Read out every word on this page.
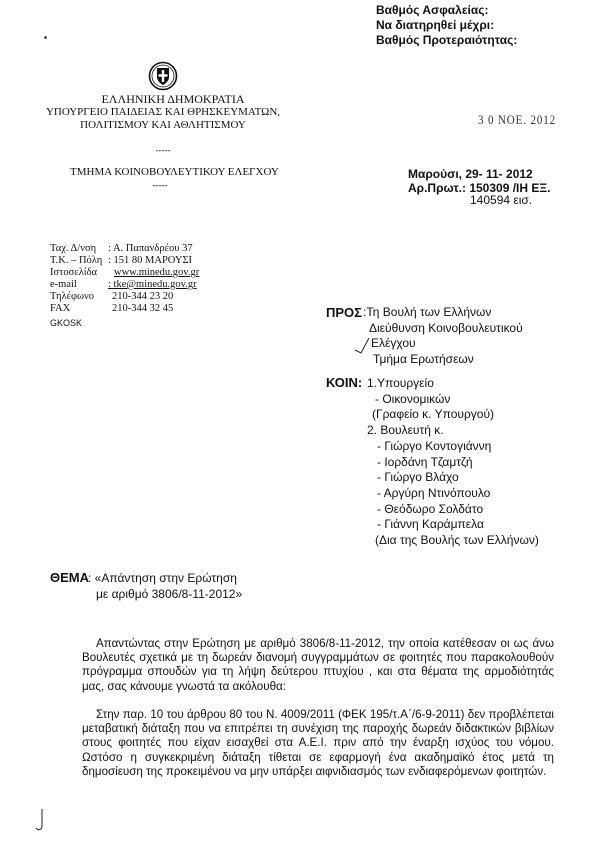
Βαθμός Ασφαλείας:
Να διατηρηθεί μέχρι:
Βαθμός Προτεραιότητας:
3 0 ΝΟΕ. 2012
ΕΛΛΗΝΙΚΗ ΔΗΜΟΚΡΑΤΙΑ
ΥΠΟΥΡΓΕΙΟ ΠΑΙΔΕΙΑΣ ΚΑΙ ΘΡΗΣΚΕΥΜΑΤΩΝ,
ΠΟΛΙΤΙΣΜΟΥ ΚΑΙ ΑΘΛΗΤΙΣΜΟΥ
-----
ΤΜΗΜΑ ΚΟΙΝΟΒΟΥΛΕΥΤΙΚΟΥ ΕΛΕΓΧΟΥ
-----
Μαρούσι, 29- 11- 2012
Αρ.Πρωτ.: 150309 /ΙΗ ΕΞ.
140594 εισ.
Ταχ. Δ/νση	: Α. Παπανδρέου 37
Τ.Κ. – Πόλη : 151 80 ΜΑΡΟΥΣΙ
Ιστοσελίδα	www.minedu.gov.gr
e-mail	: tke@minedu.gov.gr
Τηλέφωνο	210-344 23 20
FAX	210-344 32 45
GKOSK
ΠΡΟΣ :Τη Βουλή των Ελλήνων
Διεύθυνση Κοινοβουλευτικού
Ελέγχου
Τμήμα Ερωτήσεων
ΚΟΙΝ: 1.Υπουργείο
- Οικονομικών
(Γραφείο κ. Υπουργού)
2. Βουλευτή κ.
- Γιώργο Κοντογιάννη
- Ιορδάνη Τζαμτζή
- Γιώργο Βλάχο
- Αργύρη Ντινόπουλο
- Θεόδωρο Σολδάτο
- Γιάννη Καράμπελα
(Δια της Βουλής των Ελλήνων)
ΘΕΜΑ : «Απάντηση στην Ερώτηση
με αριθμό 3806/8-11-2012»
Απαντώντας στην Ερώτηση με αριθμό 3806/8-11-2012, την οποία κατέθεσαν οι ως άνω Βουλευτές σχετικά με τη δωρεάν διανομή συγγραμμάτων σε φοιτητές που παρακολουθούν πρόγραμμα σπουδών για τη λήψη δεύτερου πτυχίου , και στα θέματα της αρμοδιότητάς μας, σας κάνουμε γνωστά τα ακόλουθα:
Στην παρ. 10 του άρθρου 80 του Ν. 4009/2011 (ΦΕΚ 195/τ.Α΄/6-9-2011) δεν προβλέπεται μεταβατική διάταξη που να επιτρέπει τη συνέχιση της παροχής δωρεάν διδακτικών βιβλίων στους φοιτητές που είχαν εισαχθεί στα Α.Ε.Ι. πριν από την έναρξη ισχύος του νόμου. Ωστόσο η συγκεκριμένη διάταξη τίθεται σε εφαρμογή ένα ακαδημαϊκό έτος μετά τη δημοσίευση της προκειμένου να μην υπάρξει αιφνιδιασμός των ενδιαφερόμενων φοιτητών.
